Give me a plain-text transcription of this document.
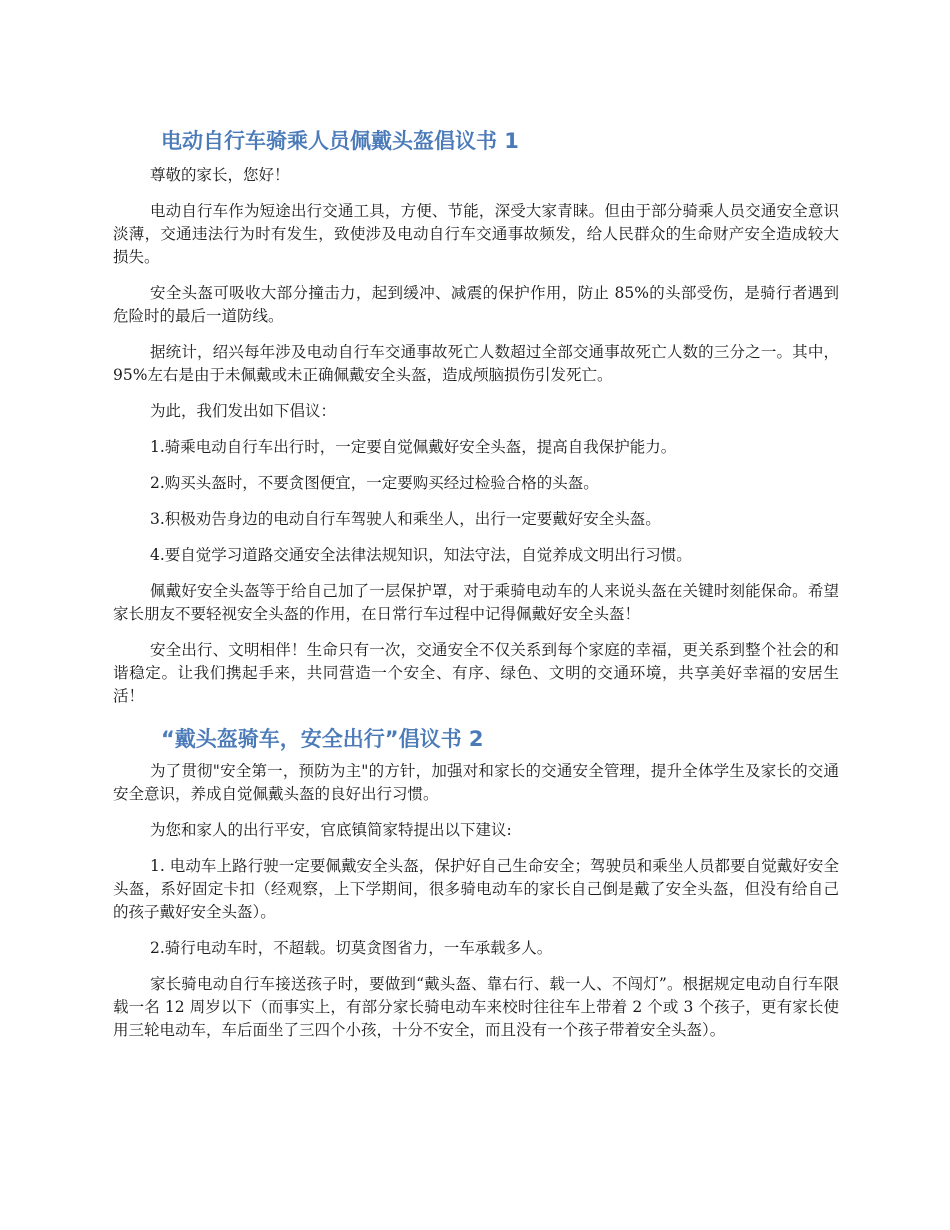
电动自行车骑乘人员佩戴头盔倡议书 1

尊敬的家长，您好！

电动自行车作为短途出行交通工具，方便、节能，深受大家青睐。但由于部分骑乘人员交通安全意识淡薄，交通违法行为时有发生，致使涉及电动自行车交通事故频发，给人民群众的生命财产安全造成较大损失。

安全头盔可吸收大部分撞击力，起到缓冲、减震的保护作用，防止 85%的头部受伤，是骑行者遇到危险时的最后一道防线。

据统计，绍兴每年涉及电动自行车交通事故死亡人数超过全部交通事故死亡人数的三分之一。其中，95%左右是由于未佩戴或未正确佩戴安全头盔，造成颅脑损伤引发死亡。

为此，我们发出如下倡议：

1.骑乘电动自行车出行时，一定要自觉佩戴好安全头盔，提高自我保护能力。

2.购买头盔时，不要贪图便宜，一定要购买经过检验合格的头盔。

3.积极劝告身边的电动自行车驾驶人和乘坐人，出行一定要戴好安全头盔。

4.要自觉学习道路交通安全法律法规知识，知法守法，自觉养成文明出行习惯。

佩戴好安全头盔等于给自己加了一层保护罩，对于乘骑电动车的人来说头盔在关键时刻能保命。希望家长朋友不要轻视安全头盔的作用，在日常行车过程中记得佩戴好安全头盔！

安全出行、文明相伴！生命只有一次，交通安全不仅关系到每个家庭的幸福，更关系到整个社会的和谐稳定。让我们携起手来，共同营造一个安全、有序、绿色、文明的交通环境，共享美好幸福的安居生活！

“戴头盔骑车，安全出行”倡议书 2

为了贯彻"安全第一，预防为主"的方针，加强对和家长的交通安全管理，提升全体学生及家长的交通安全意识，养成自觉佩戴头盔的良好出行习惯。

为您和家人的出行平安，官底镇简家特提出以下建议:

1. 电动车上路行驶一定要佩戴安全头盔，保护好自己生命安全；驾驶员和乘坐人员都要自觉戴好安全头盔，系好固定卡扣（经观察，上下学期间，很多骑电动车的家长自己倒是戴了安全头盔，但没有给自己的孩子戴好安全头盔）。

2.骑行电动车时，不超载。切莫贪图省力，一车承载多人。

家长骑电动自行车接送孩子时，要做到“戴头盔、靠右行、载一人、不闯灯”。根据规定电动自行车限载一名 12 周岁以下（而事实上，有部分家长骑电动车来校时往往车上带着 2 个或 3 个孩子，更有家长使用三轮电动车，车后面坐了三四个小孩，十分不安全，而且没有一个孩子带着安全头盔）。
